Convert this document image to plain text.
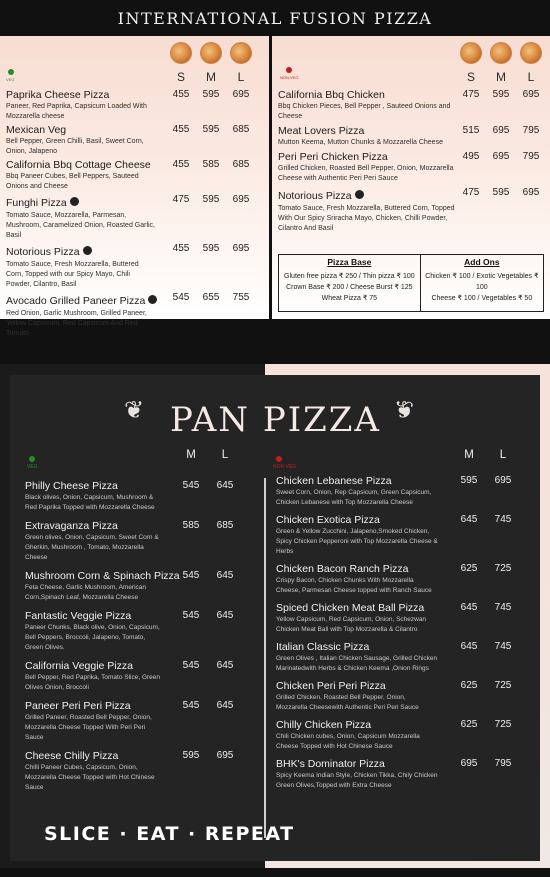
INTERNATIONAL FUSION PIZZA
VEG	S	M	L
Paprika Cheese Pizza
Paneer, Red Paprika, Capsicum Loaded With Mozzarella cheese
455	595	695
Mexican Veg
Bell Pepper, Green Chilli, Basil, Sweet Corn, Onion, Jalapeno
455	595	685
California Bbq Cottage Cheese
Bbq Paneer Cubes, Bell Peppers, Sauteed Onions and Cheese
455	585	685
Funghi Pizza

Tomato Sauce, Mozzarella, Parmesan, Mushroom, Caramelized Onion, Roasted Garlic, Basil
475	595	695
Notorious Pizza

Tomato Sauce, Fresh Mozzarella, Buttered Corn, Topped with our Spicy Mayo, Chili Powder, Cilantro, Basil
455	595	695
Avocado Grilled Paneer Pizza

Red Onion, Garlic Mushroom, Grilled Paneer, Yellow Capsicum, Red Capsicum And Red Tomato
545	655	755
NON VEG	S	M	L
California Bbq Chicken
Bbq Chicken Pieces, Bell Pepper , Sauteed Onions and Cheese
475	595	695
Meat Lovers Pizza
Mutton Keema, Mutton Chunks & Mozzarella Cheese
515	695	795
Peri Peri Chicken Pizza
Grilled Chicken, Roasted Bell Pepper, Onion, Mozzarella Cheese with Authentic Peri Peri Sauce
495	695	795
Notorious Pizza

Tomato Sauce, Fresh Mozzarella, Buttered Corn, Topped With Our Spicy Sriracha Mayo, Chicken, Chilli Powder, Cilantro And Basil
475	595	695
Pizza Base
Gluten free pizza ₹ 250 / Thin pizza ₹ 100
Crown Base ₹ 200 / Cheese Burst ₹ 125
Wheat Pizza ₹ 75
Add Ons
Chicken ₹ 100 / Exotic Vegetables ₹ 100
Cheese ₹ 100 / Vegetables ₹ 50
❦	❦
PAN PIZZA
VEG
M	L
NON VEG
M	L
Philly Cheese Pizza
Black olives, Onion, Capsicum, Mushroom & Red Paprika Topped with Mozzarella Cheese
545	645
Extravaganza Pizza
Green olives, Onion, Capsicum, Sweet Corn & Gherkin, Mushroom , Tomato, Mozzarella Cheese
585	685
Mushroom Corn & Spinach Pizza
Feta Cheese, Garlic Mushroom, American Corn,Spinach Leaf, Mozzarella Cheese
545	645
Fantastic Veggie Pizza
Paneer Chunks, Black olive, Onion, Capsicum, Bell Peppers, Broccoli, Jalapeno, Tomato, Green Olives.
545	645
California Veggie Pizza
Bell Pepper, Red Paprika, Tomato Slice, Green Olives Onion, Broccoli
545	645
Paneer Peri Peri Pizza
Grilled Paneer, Roasted Bell Pepper, Onion, Mozzarella Cheese Topped With Peri Peri Sauce
545	645
Cheese Chilly Pizza
Chilli Paneer Cubes, Capsicum, Onion, Mozzarella Cheese Topped with Hot Chinese Sauce
595	695
Chicken Lebanese Pizza
Sweet Corn, Onion, Rep Capsicum, Green Capsicum, Chicken Lebanese with Top Mozzarella Cheese
595	695
Chicken Exotica Pizza
Green & Yellow Zucchini, Jalapeno,Smoked Chicken, Spicy Chicken Pepperoni with Top Mozzarella Cheese & Herbs
645	745
Chicken Bacon Ranch Pizza
Crispy Bacon, Chicken Chunks With Mozzarella Cheese, Parmesan Cheese topped with Ranch Sauce
625	725
Spiced Chicken Meat Ball Pizza
Yellow Capsicum, Red Capsicum, Onion, Schezwan Chicken Meat Ball with Top Mozzarella & Cilantro
645	745
Italian Classic Pizza
Green Olives , Italian Chicken Sausage, Grilled Chicken Marinatedwith Herbs & Chicken Keema ,Onion Rings
645	745
Chicken Peri Peri Pizza
Grilled Chicken, Roasted Bell Pepper, Onion, Mozzarella Cheesewith Authentic Peri Peri Sauce
625	725
Chilly Chicken Pizza
Chili Chicken cubes, Onion, Capsicum Mozzarella Cheese Topped with Hot Chinese Sauce
625	725
BHK's Dominator Pizza
Spicy Keema Indian Style, Chicken Tikka, Chily Chicken Green Olives,Topped with Extra Cheese
695	795
SLICE · EAT · REPEAT
